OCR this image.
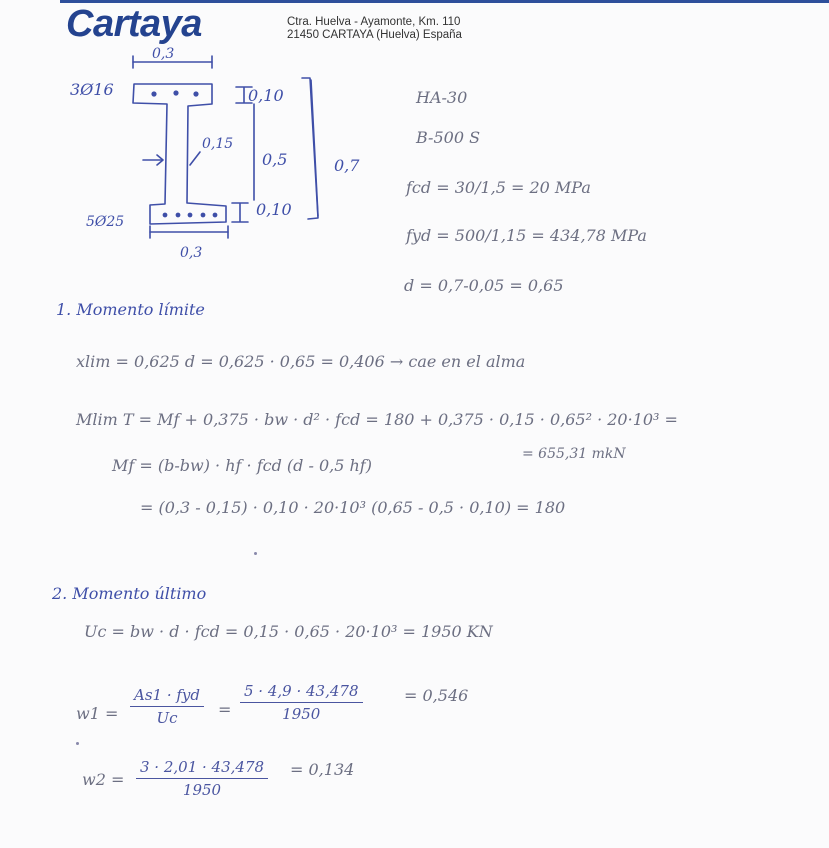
Cartaya	Ctra. Huelva - Ayamonte, Km. 110
21450 CARTAYA (Huelva) España
0,3
3Ø16	0,10
0,15
0,5	0,7
5Ø25
0,10
0,3
HA-30
B-500 S
fcd = 30/1,5 = 20 MPa
fyd = 500/1,15 = 434,78 MPa
d = 0,7-0,05 = 0,65
1. Momento límite
xlim = 0,625 d = 0,625 · 0,65 = 0,406 → cae en el alma
Mlim T = Mf + 0,375 · bw · d² · fcd = 180 + 0,375 · 0,15 · 0,65² · 20·10³ =
= 655,31 mkN
Mf = (b-bw) · hf · fcd (d - 0,5 hf)
= (0,3 - 0,15) · 0,10 · 20·10³ (0,65 - 0,5 · 0,10) = 180
2. Momento último
Uc = bw · d · fcd = 0,15 · 0,65 · 20·10³ = 1950 KN
w1 =
As1 · fyd
Uc	= $\frac{5 \cdot 4,9 \cdot 43,478}{1950}$	= 0,546
$w2 = \frac{3 \cdot 2,01 \cdot 43,478}{1950} = 0,134$
